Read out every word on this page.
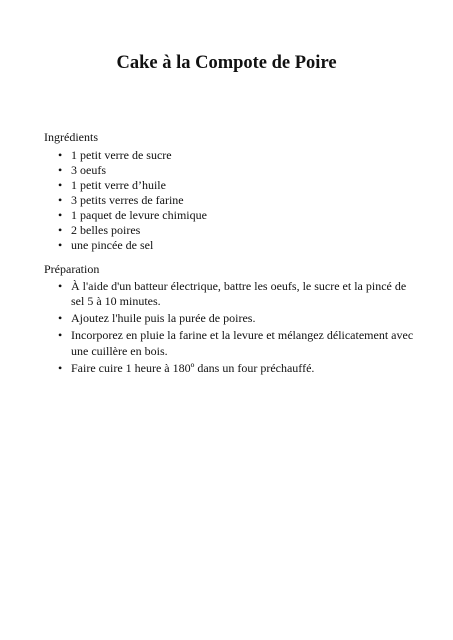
Cake à la Compote de Poire

Ingrédients

• 1 petit verre de sucre
• 3 oeufs
• 1 petit verre d’huile
• 3 petits verres de farine
• 1 paquet de levure chimique
• 2 belles poires
• une pincée de sel

Préparation

• À l'aide d'un batteur électrique, battre les oeufs, le sucre et la pincé de sel 5 à 10 minutes.
• Ajoutez l'huile puis la purée de poires.
• Incorporez en pluie la farine et la levure et mélangez délicatement avec une cuillère en bois.
• Faire cuire 1 heure à 180º dans un four préchauffé.
